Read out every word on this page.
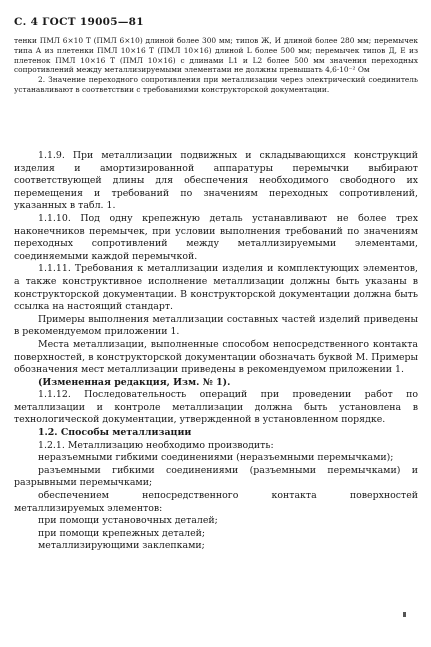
С. 4 ГОСТ 19005—81

тенки ПМЛ 6×10 Т (ПМЛ 6×10) длиной более 300 мм; типов Ж, И длиной более 280 мм; перемычек типа А из плетенки ПМЛ 10×16 Т (ПМЛ 10×16) длиной L более 500 мм; перемычек типов Д, Е из плетенок ПМЛ 10×16 Т (ПМЛ 10×16) с длинами L1 и L2 более 500 мм значения переходных сопротивлений между металлизируемыми элементами не должны превышать 4,6·10⁻² Ом

2. Значение переходного сопротивления при металлизации через электрический соединитель устанавливают в соответствии с требованиями конструкторской документации.

1.1.9. При металлизации подвижных и складывающихся конструкций изделия и амортизированной аппаратуры перемычки выбирают соответствующей длины для обеспечения необходимого свободного их перемещения и требований по значениям переходных сопротивлений, указанных в табл. 1.

1.1.10. Под одну крепежную деталь устанавливают не более трех наконечников перемычек, при условии выполнения требований по значениям переходных сопротивлений между металлизируемыми элементами, соединяемыми каждой перемычкой.

1.1.11. Требования к металлизации изделия и комплектующих элементов, а также конструктивное исполнение металлизации должны быть указаны в конструкторской документации. В конструкторской документации должна быть ссылка на настоящий стандарт.

Примеры выполнения металлизации составных частей изделий приведены в рекомендуемом приложении 1.

Места металлизации, выполненные способом непосредственного контакта поверхностей, в конструкторской документации обозначать буквой М. Примеры обозначения мест металлизации приведены в рекомендуемом приложении 1.

(Измененная редакция, Изм. № 1).

1.1.12. Последовательность операций при проведении работ по металлизации и контроле металлизации должна быть установлена в технологической документации, утвержденной в установленном порядке.

1.2. Способы металлизации

1.2.1. Металлизацию необходимо производить:

неразъемными гибкими соединениями (неразъемными перемычками);

разъемными гибкими соединениями (разъемными перемычками) и разрывными перемычками;

обеспечением непосредственного контакта поверхностей металлизируемых элементов:

при помощи установочных деталей;

при помощи крепежных деталей;

металлизирующими заклепками;
